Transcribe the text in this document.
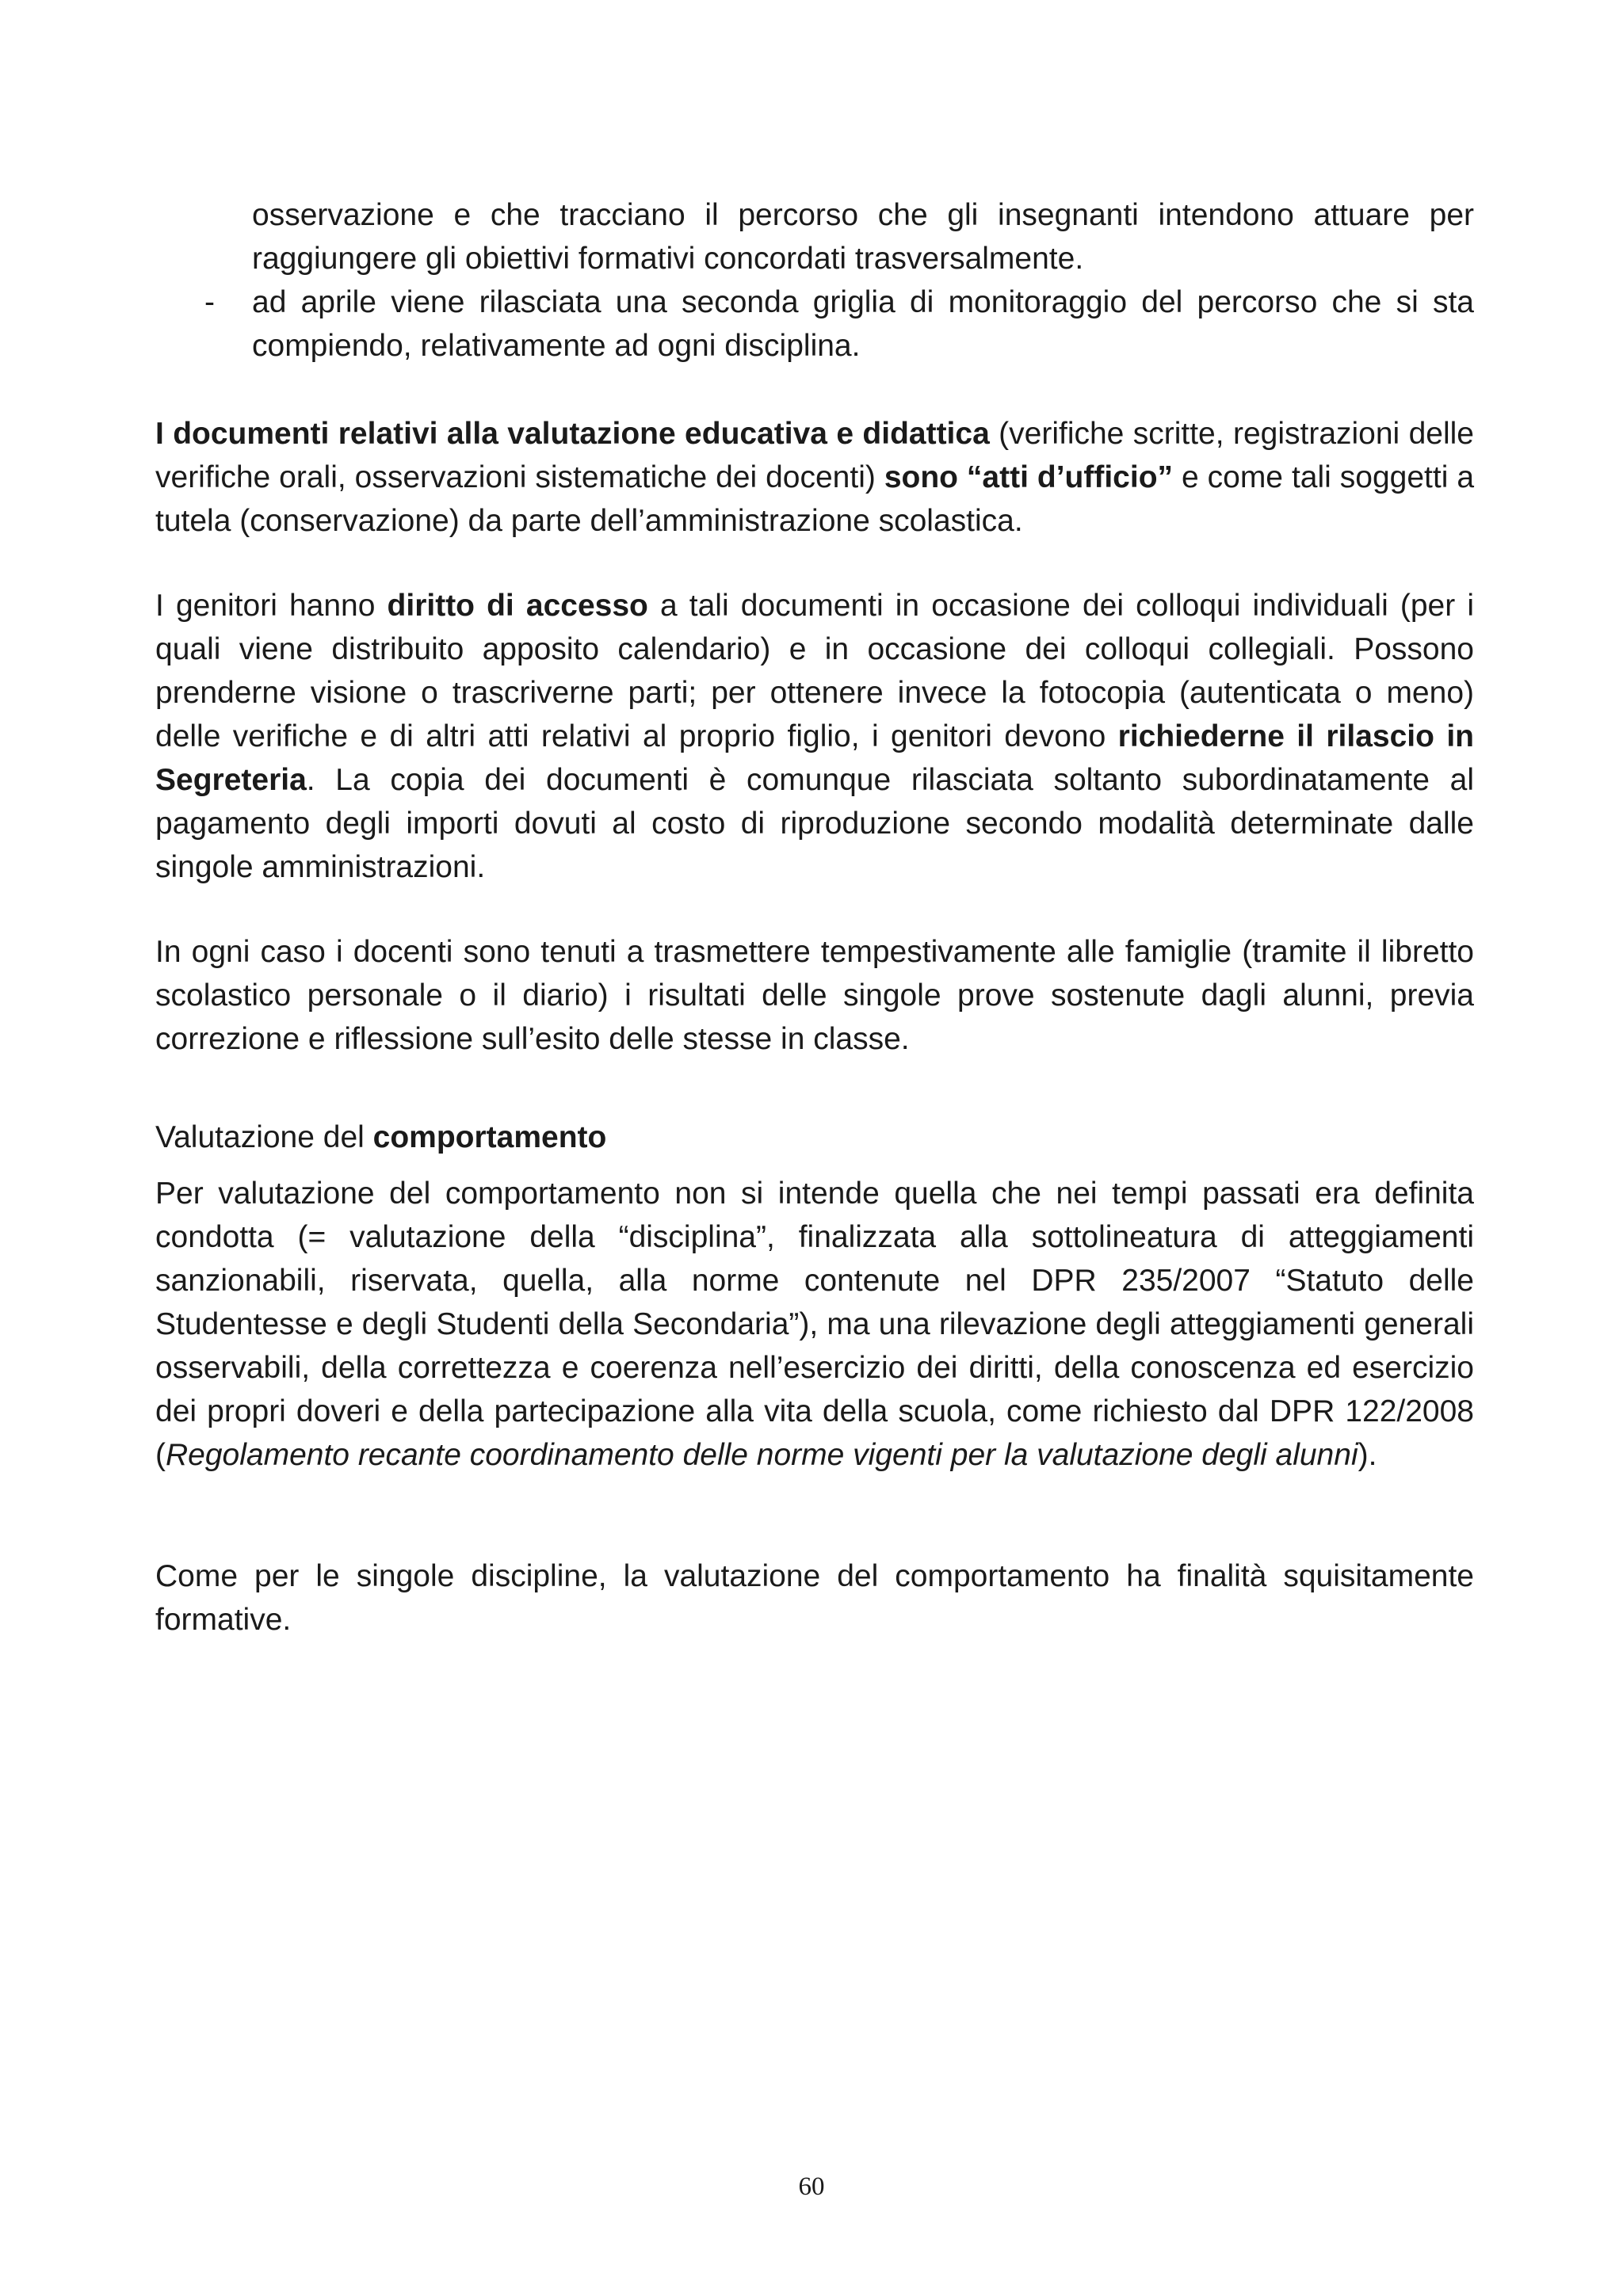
osservazione e che tracciano il percorso che gli insegnanti intendono attuare per raggiungere gli obiettivi formativi concordati trasversalmente.

-	ad aprile viene rilasciata una seconda griglia di monitoraggio del percorso che si sta compiendo, relativamente ad ogni disciplina.

I documenti relativi alla valutazione educativa e didattica (verifiche scritte, registrazioni delle verifiche orali, osservazioni sistematiche dei docenti) sono “atti d’ufficio” e come tali soggetti a tutela (conservazione) da parte dell’amministrazione scolastica.

I genitori hanno diritto di accesso a tali documenti in occasione dei colloqui individuali (per i quali viene distribuito apposito calendario) e in occasione dei colloqui collegiali. Possono prenderne visione o trascriverne parti; per ottenere invece la fotocopia (autenticata o meno) delle verifiche e di altri atti relativi al proprio figlio, i genitori devono richiederne il rilascio in Segreteria. La copia dei documenti è comunque rilasciata soltanto subordinatamente al pagamento degli importi dovuti al costo di riproduzione secondo modalità determinate dalle singole amministrazioni.

In ogni caso i docenti sono tenuti a trasmettere tempestivamente alle famiglie (tramite il libretto scolastico personale o il diario) i risultati delle singole prove sostenute dagli alunni, previa correzione e riflessione sull’esito delle stesse in classe.

Valutazione del comportamento

Per valutazione del comportamento non si intende quella che nei tempi passati era definita condotta (= valutazione della “disciplina”, finalizzata alla sottolineatura di atteggiamenti sanzionabili, riservata, quella, alla norme contenute nel DPR 235/2007 “Statuto delle Studentesse e degli Studenti della Secondaria”), ma una rilevazione degli atteggiamenti generali osservabili, della correttezza e coerenza nell’esercizio dei diritti, della conoscenza ed esercizio dei propri doveri e della partecipazione alla vita della scuola, come richiesto dal DPR 122/2008 (Regolamento recante coordinamento delle norme vigenti per la valutazione degli alunni).

Come per le singole discipline, la valutazione del comportamento ha finalità squisitamente formative.

60
